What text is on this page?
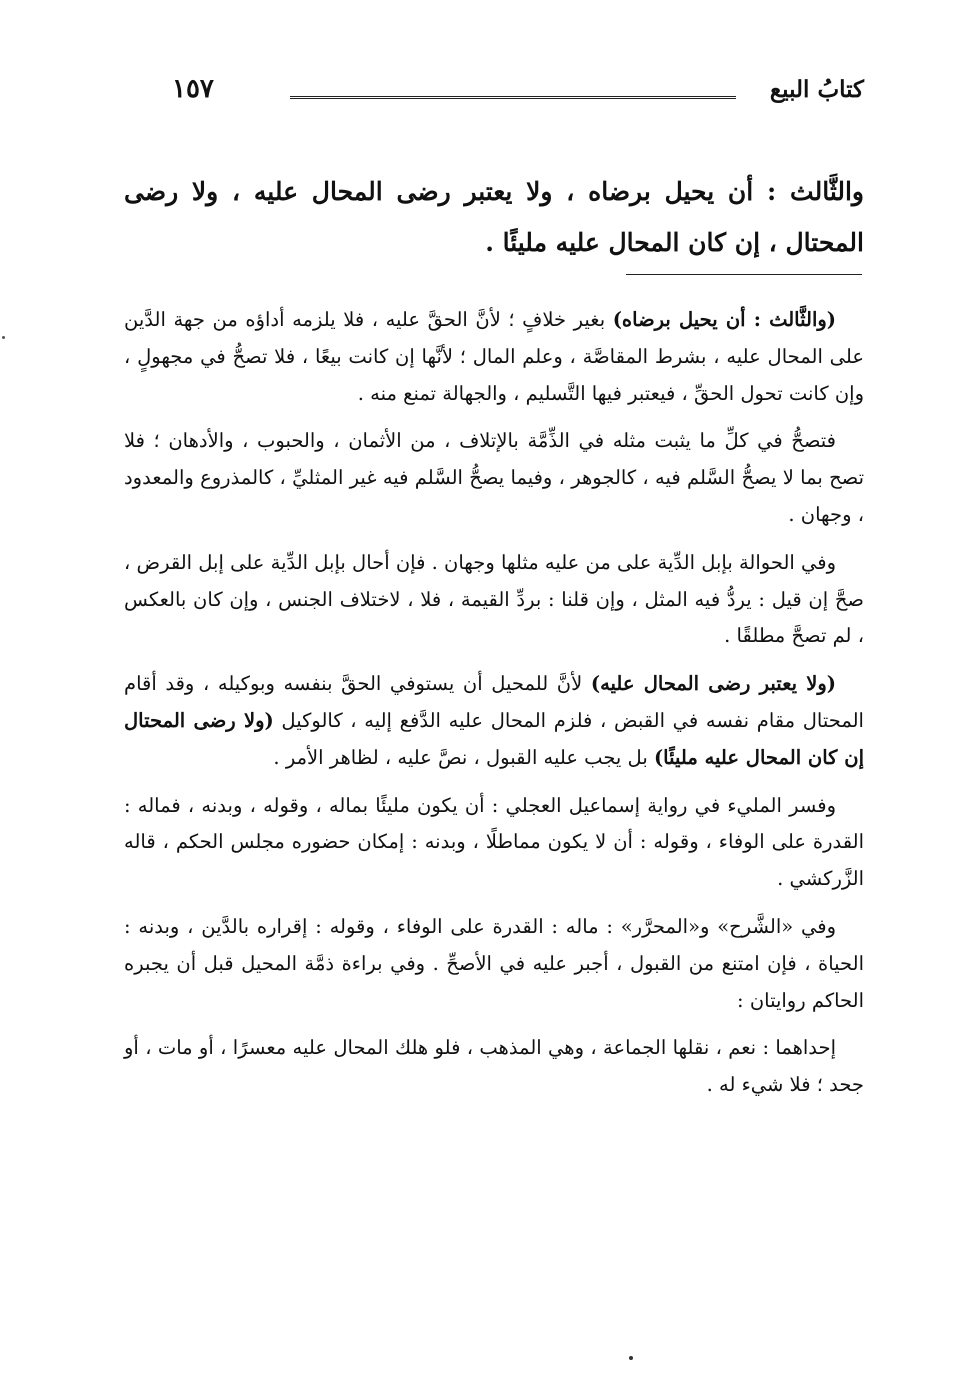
كتابُ البيع
١٥٧
والثَّالث : أن يحيل برضاه ، ولا يعتبر رضى المحال عليه ، ولا رضى المحتال ، إن كان المحال عليه مليئًا .

(والثَّالث : أن يحيل برضاه) بغير خلافٍ ؛ لأنَّ الحقَّ عليه ، فلا يلزمه أداؤه من جهة الدَّين على المحال عليه ، بشرط المقاصَّة ، وعلم المال ؛ لأنَّها إن كانت بيعًا ، فلا تصحُّ في مجهولٍ ، وإن كانت تحول الحقِّ ، فيعتبر فيها التَّسليم ، والجهالة تمنع منه .

فتصحُّ في كلِّ ما يثبت مثله في الذِّمَّة بالإتلاف ، من الأثمان ، والحبوب ، والأدهان ؛ فلا تصح بما لا يصحُّ السَّلم فيه ، كالجوهر ، وفيما يصحُّ السَّلم فيه غير المثليِّ ، كالمذروع والمعدود ، وجهان .

وفي الحوالة بإبل الدِّية على من عليه مثلها وجهان . فإن أحال بإبل الدِّية على إبل القرض ، صحَّ إن قيل : يردُّ فيه المثل ، وإن قلنا : بردِّ القيمة ، فلا ، لاختلاف الجنس ، وإن كان بالعكس ، لم تصحَّ مطلقًا .

(ولا يعتبر رضى المحال عليه) لأنَّ للمحيل أن يستوفي الحقَّ بنفسه وبوكيله ، وقد أقام المحتال مقام نفسه في القبض ، فلزم المحال عليه الدَّفع إليه ، كالوكيل (ولا رضى المحتال إن كان المحال عليه مليئًا) بل يجب عليه القبول ، نصَّ عليه ، لظاهر الأمر .

وفسر المليء في رواية إسماعيل العجلي : أن يكون مليئًا بماله ، وقوله ، وبدنه ، فماله : القدرة على الوفاء ، وقوله : أن لا يكون مماطلًا ، وبدنه : إمكان حضوره مجلس الحكم ، قاله الزَّركشي .

وفي «الشَّرح» و«المحرَّر» : ماله : القدرة على الوفاء ، وقوله : إقراره بالدَّين ، وبدنه : الحياة ، فإن امتنع من القبول ، أجبر عليه في الأصحِّ . وفي براءة ذمَّة المحيل قبل أن يجبره الحاكم روايتان :

إحداهما : نعم ، نقلها الجماعة ، وهي المذهب ، فلو هلك المحال عليه معسرًا ، أو مات ، أو جحد ؛ فلا شيء له .
